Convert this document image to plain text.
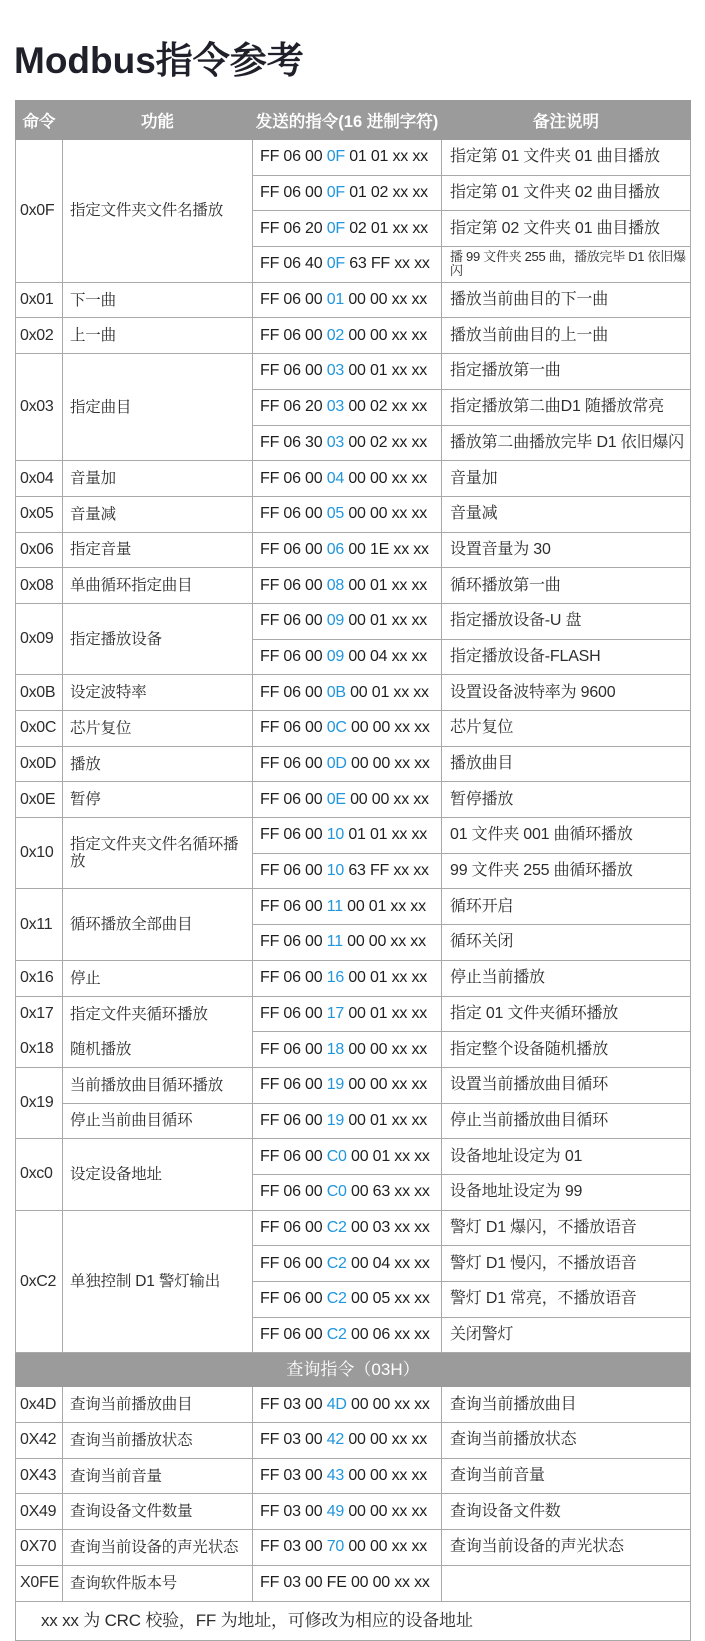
Modbus指令参考
命令	功能	发送的指令(16 进制字符)	备注说明
0x0F	指定文件夹文件名播放	FF 06 00 0F 01 01 xx xx	指定第 01 文件夹 01 曲目播放
		FF 06 00 0F 01 02 xx xx	指定第 01 文件夹 02 曲目播放
		FF 06 20 0F 02 01 xx xx	指定第 02 文件夹 01 曲目播放
		FF 06 40 0F 63 FF xx xx	播 99 文件夹 255 曲，播放完毕 D1 依旧爆闪
0x01	下一曲	FF 06 00 01 00 00 xx xx	播放当前曲目的下一曲
0x02	上一曲	FF 06 00 02 00 00 xx xx	播放当前曲目的上一曲
0x03	指定曲目	FF 06 00 03 00 01 xx xx	指定播放第一曲
		FF 06 20 03 00 02 xx xx	指定播放第二曲D1 随播放常亮
		FF 06 30 03 00 02 xx xx	播放第二曲播放完毕 D1 依旧爆闪
0x04	音量加	FF 06 00 04 00 00 xx xx	音量加
0x05	音量减	FF 06 00 05 00 00 xx xx	音量减
0x06	指定音量	FF 06 00 06 00 1E xx xx	设置音量为 30
0x08	单曲循环指定曲目	FF 06 00 08 00 01 xx xx	循环播放第一曲
0x09	指定播放设备	FF 06 00 09 00 01 xx xx	指定播放设备-U 盘
		FF 06 00 09 00 04 xx xx	指定播放设备-FLASH
0x0B	设定波特率	FF 06 00 0B 00 01 xx xx	设置设备波特率为 9600
0x0C	芯片复位	FF 06 00 0C 00 00 xx xx	芯片复位
0x0D	播放	FF 06 00 0D 00 00 xx xx	播放曲目
0x0E	暂停	FF 06 00 0E 00 00 xx xx	暂停播放
0x10	指定文件夹文件名循环播放	FF 06 00 10 01 01 xx xx	01 文件夹 001 曲循环播放
		FF 06 00 10 63 FF xx xx	99 文件夹 255 曲循环播放
0x11	循环播放全部曲目	FF 06 00 11 00 01 xx xx	循环开启
		FF 06 00 11 00 00 xx xx	循环关闭
0x16	停止	FF 06 00 16 00 01 xx xx	停止当前播放
0x17	指定文件夹循环播放	FF 06 00 17 00 01 xx xx	指定 01 文件夹循环播放
0x18	随机播放	FF 06 00 18 00 00 xx xx	指定整个设备随机播放
0x19	当前播放曲目循环播放	FF 06 00 19 00 00 xx xx	设置当前播放曲目循环
	停止当前曲目循环	FF 06 00 19 00 01 xx xx	停止当前播放曲目循环
0xc0	设定设备地址	FF 06 00 C0 00 01 xx xx	设备地址设定为 01
		FF 06 00 C0 00 63 xx xx	设备地址设定为 99
0xC2	单独控制 D1 警灯输出	FF 06 00 C2 00 03 xx xx	警灯 D1 爆闪，不播放语音
		FF 06 00 C2 00 04 xx xx	警灯 D1 慢闪，不播放语音
		FF 06 00 C2 00 05 xx xx	警灯 D1 常亮，不播放语音
		FF 06 00 C2 00 06 xx xx	关闭警灯
查询指令（03H）			
0x4D	查询当前播放曲目	FF 03 00 4D 00 00 xx xx	查询当前播放曲目
0X42	查询当前播放状态	FF 03 00 42 00 00 xx xx	查询当前播放状态
0X43	查询当前音量	FF 03 00 43 00 00 xx xx	查询当前音量
0X49	查询设备文件数量	FF 03 00 49 00 00 xx xx	查询设备文件数
0X70	查询当前设备的声光状态	FF 03 00 70 00 00 xx xx	查询当前设备的声光状态
X0FE	查询软件版本号	FF 03 00 FE 00 00 xx xx	
xx xx 为 CRC 校验，FF 为地址，可修改为相应的设备地址			
